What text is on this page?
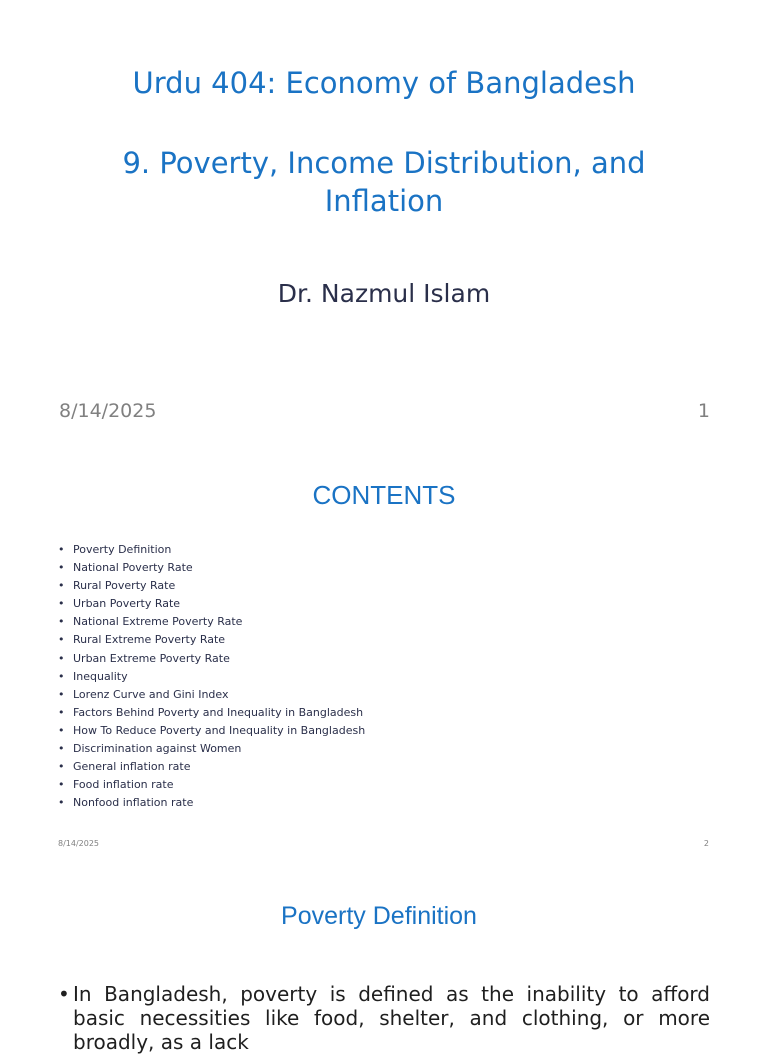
Urdu 404: Economy of Bangladesh
9. Poverty, Income Distribution, and Inflation
Dr. Nazmul Islam
8/14/2025	1
CONTENTS
• Poverty Definition
• National Poverty Rate
• Rural Poverty Rate
• Urban Poverty Rate
• National Extreme Poverty Rate
• Rural Extreme Poverty Rate
• Urban Extreme Poverty Rate
• Inequality
• Lorenz Curve and Gini Index
• Factors Behind Poverty and Inequality in Bangladesh
• How To Reduce Poverty and Inequality in Bangladesh
• Discrimination against Women
• General inflation rate
• Food inflation rate
• Nonfood inflation rate
8/14/2025	2
Poverty Definition
• In Bangladesh, poverty is defined as the inability to afford basic necessities like food, shelter, and clothing, or more broadly, as a lack
